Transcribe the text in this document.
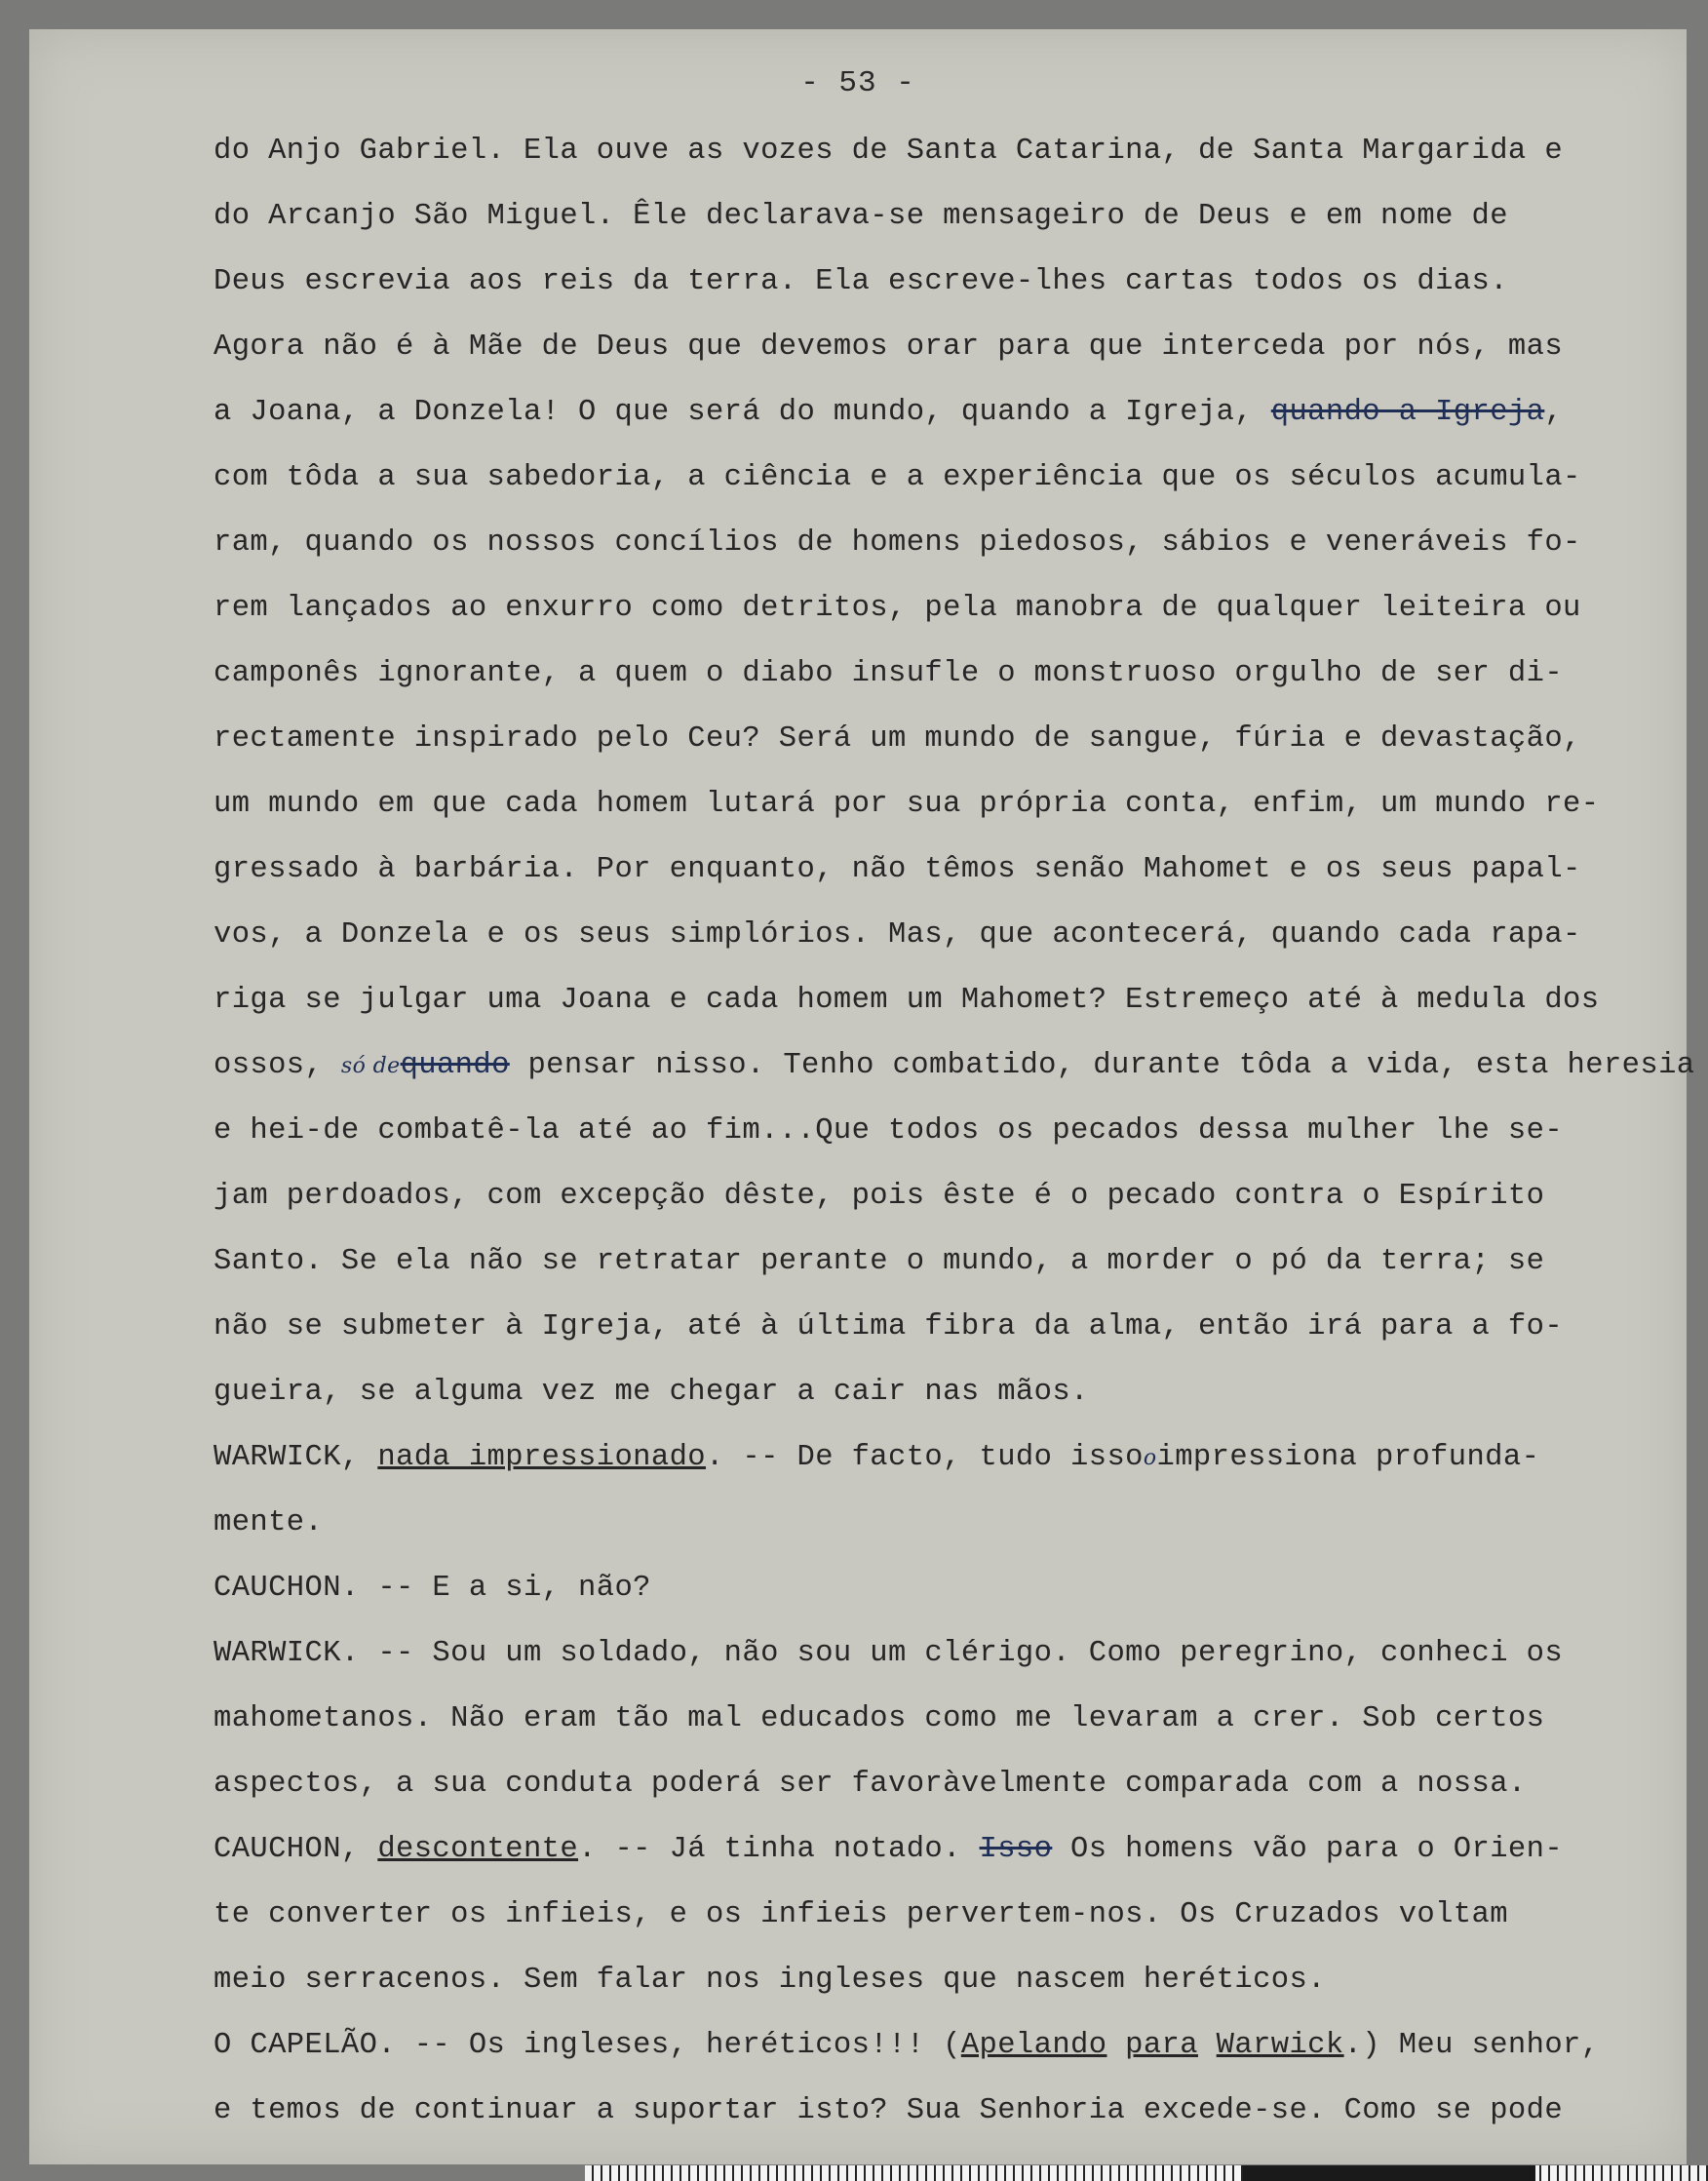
- 53 -

do Anjo Gabriel. Ela ouve as vozes de Santa Catarina, de Santa Margarida e

do Arcanjo São Miguel. Êle declarava-se mensageiro de Deus e em nome de

Deus escrevia aos reis da terra. Ela escreve-lhes cartas todos os dias.

Agora não é à Mãe de Deus que devemos orar para que interceda por nós, mas

a Joana, a Donzela! O que será do mundo, quando a Igreja, quando a Igreja,

com tôda a sua sabedoria, a ciência e a experiência que os séculos acumula-

ram, quando os nossos concílios de homens piedosos, sábios e veneráveis fo-

rem lançados ao enxurro como detritos, pela manobra de qualquer leiteira ou

camponês ignorante, a quem o diabo insufle o monstruoso orgulho de ser di-

rectamente inspirado pelo Ceu? Será um mundo de sangue, fúria e devastação,

um mundo em que cada homem lutará por sua própria conta, enfim, um mundo re-

gressado à barbária. Por enquanto, não têmos senão Mahomet e os seus papal-

vos, a Donzela e os seus simplórios. Mas, que acontecerá, quando cada rapa-

riga se julgar uma Joana e cada homem um Mahomet? Estremeço até à medula dos

ossos, só dequando pensar nisso. Tenho combatido, durante tôda a vida, esta heresia

e hei-de combatê-la até ao fim...Que todos os pecados dessa mulher lhe se-

jam perdoados, com excepção dêste, pois êste é o pecado contra o Espírito

Santo. Se ela não se retratar perante o mundo, a morder o pó da terra; se

não se submeter à Igreja, até à última fibra da alma, então irá para a fo-

gueira, se alguma vez me chegar a cair nas mãos.

WARWICK, nada impressionado. -- De facto, tudo issooimpressiona profunda-

mente.

CAUCHON. -- E a si, não?

WARWICK. -- Sou um soldado, não sou um clérigo. Como peregrino, conheci os

mahometanos. Não eram tão mal educados como me levaram a crer. Sob certos

aspectos, a sua conduta poderá ser favoràvelmente comparada com a nossa.

CAUCHON, descontente. -- Já tinha notado. Isso Os homens vão para o Orien-

te converter os infieis, e os infieis pervertem-nos. Os Cruzados voltam

meio serracenos. Sem falar nos ingleses que nascem heréticos.

O CAPELÃO. -- Os ingleses, heréticos!!! (Apelando para Warwick.) Meu senhor,

e temos de continuar a suportar isto? Sua Senhoria excede-se. Como se pode
